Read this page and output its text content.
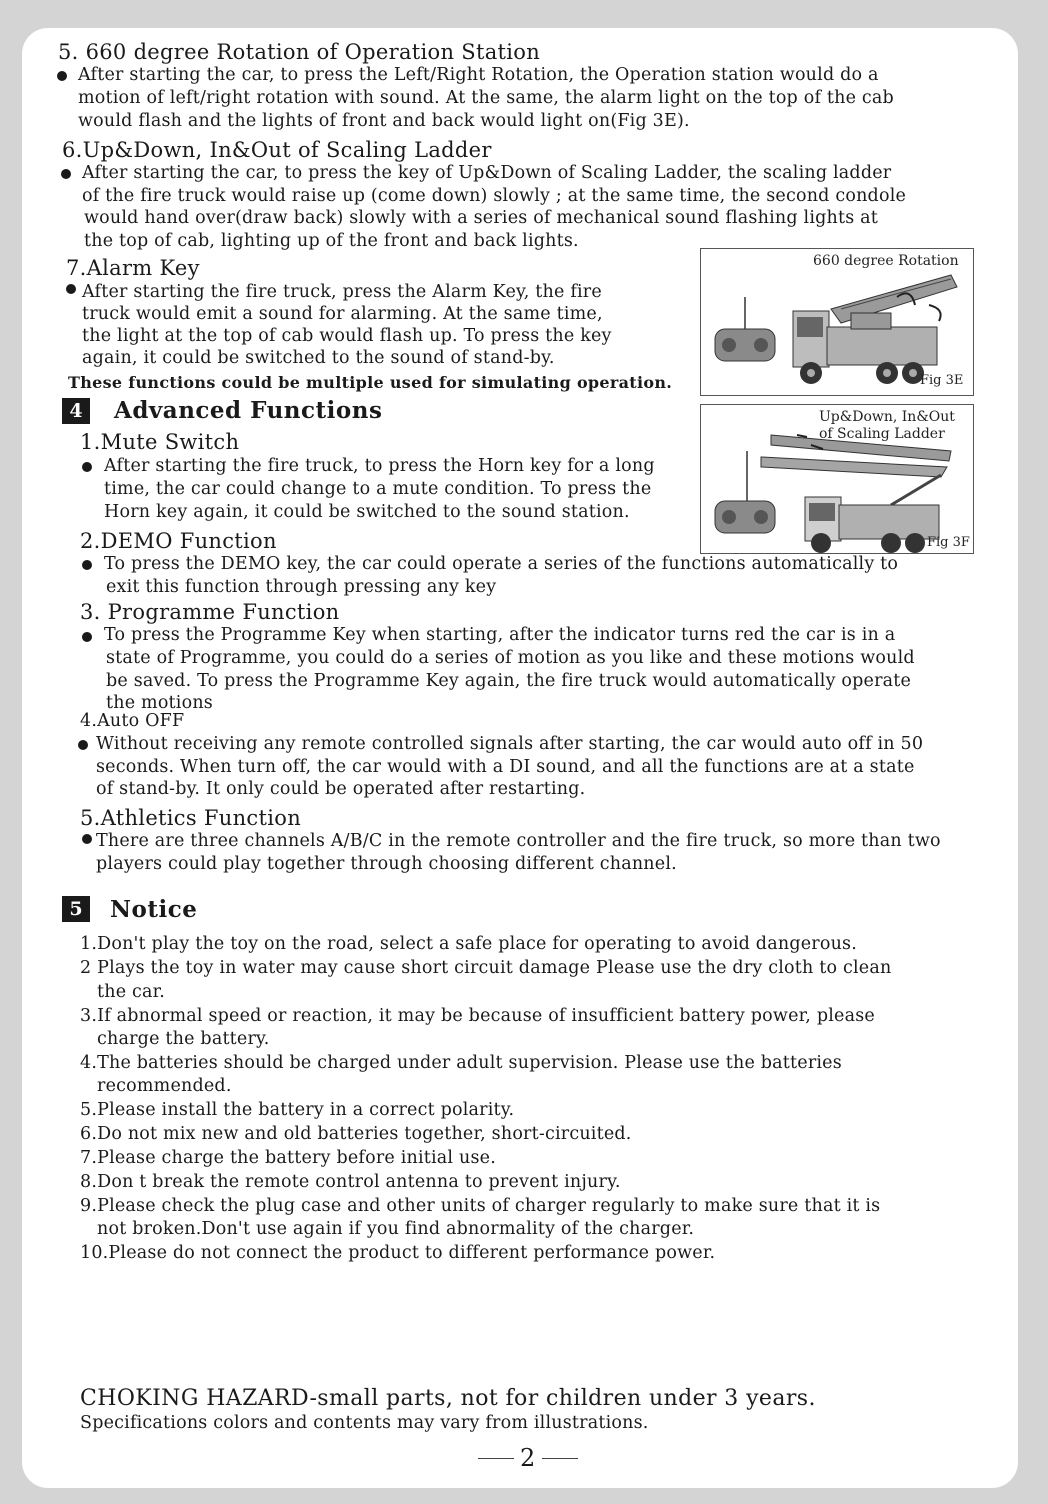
5. 660 degree Rotation of Operation Station
After starting the car, to press the Left/Right Rotation, the Operation station would do a
motion of left/right rotation with sound. At the same, the alarm light on the top of the cab
would flash and the lights of front and back would light on(Fig 3E).
6.Up&Down, In&Out of Scaling Ladder
After starting the car, to press the key of Up&Down of Scaling Ladder, the scaling ladder
of the fire truck would raise up (come down) slowly ; at the same time, the second condole
would hand over(draw back) slowly with a series of mechanical sound flashing lights at
the top of cab, lighting up of the front and back lights.
7.Alarm Key
After starting the fire truck, press the Alarm Key, the fire
truck would emit a sound for alarming. At the same time,
the light at the top of cab would flash up. To press the key
again, it could be switched to the sound of stand-by.
These functions could be multiple used for simulating operation.
660 degree Rotation
Fig 3E
4	Advanced Functions
1.Mute Switch
After starting the fire truck, to press the Horn key for a long
time, the car could change to a mute condition. To press the
Horn key again, it could be switched to the sound station.
Up&Down, In&Out
of Scaling Ladder
Fig 3F
2.DEMO Function
To press the DEMO key, the car could operate a series of the functions automatically to
exit this function through pressing any key
3. Programme Function
To press the Programme Key when starting, after the indicator turns red the car is in a
state of Programme, you could do a series of motion as you like and these motions would
be saved. To press the Programme Key again, the fire truck would automatically operate
the motions
4.Auto OFF
Without receiving any remote controlled signals after starting, the car would auto off in 50
seconds. When turn off, the car would with a DI sound, and all the functions are at a state
of stand-by. It only could be operated after restarting.
5.Athletics Function
There are three channels A/B/C in the remote controller and the fire truck, so more than two
players could play together through choosing different channel.
5	Notice
1.Don't play the toy on the road, select a safe place for operating to avoid dangerous.
2 Plays the toy in water may cause short circuit damage Please use the dry cloth to clean
the car.
3.If abnormal speed or reaction, it may be because of insufficient battery power, please
charge the battery.
4.The batteries should be charged under adult supervision. Please use the batteries
recommended.
5.Please install the battery in a correct polarity.
6.Do not mix new and old batteries together, short-circuited.
7.Please charge the battery before initial use.
8.Don t break the remote control antenna to prevent injury.
9.Please check the plug case and other units of charger regularly to make sure that it is
not broken.Don't use again if you find abnormality of the charger.
10.Please do not connect the product to different performance power.
CHOKING HAZARD-small parts, not for children under 3 years.
Specifications colors and contents may vary from illustrations.
2
